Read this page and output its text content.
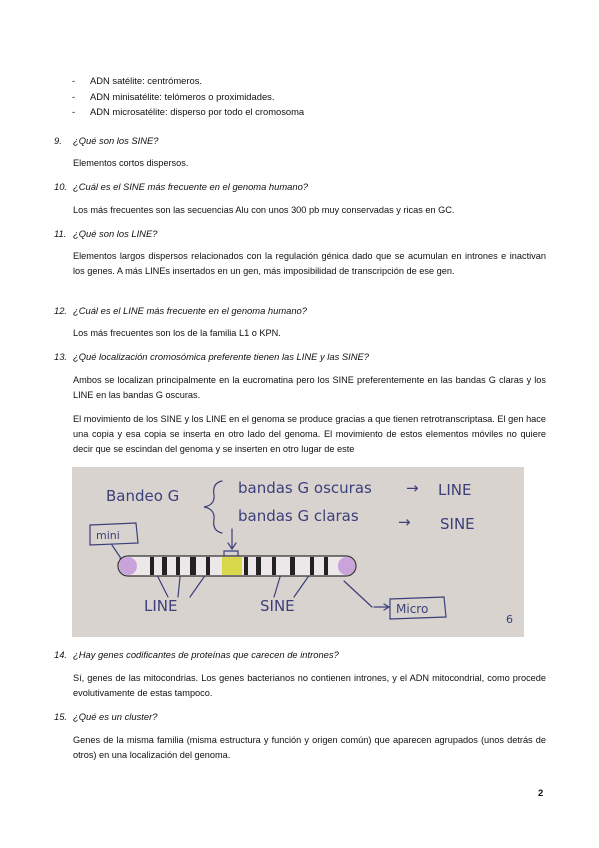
- ADN satélite: centrómeros.
- ADN minisatélite: telómeros o proximidades.
- ADN microsatélite: disperso por todo el cromosoma
9. ¿Qué son los SINE?
Elementos cortos dispersos.
10. ¿Cuál es el SINE más frecuente en el genoma humano?
Los más frecuentes son las secuencias Alu con unos 300 pb muy conservadas y ricas en GC.
11. ¿Qué son los LINE?
Elementos largos dispersos relacionados con la regulación génica dado que se acumulan en intrones e inactivan los genes. A más LINEs insertados en un gen, más imposibilidad de transcripción de ese gen.
12. ¿Cuál es el LINE más frecuente en el genoma humano?
Los más frecuentes son los de la familia L1 o KPN.
13. ¿Qué localización cromosómica preferente tienen las LINE y las SINE?
Ambos se localizan principalmente en la eucromatina pero los SINE preferentemente en las bandas G claras y los LINE en las bandas G oscuras.
El movimiento de los SINE y los LINE en el genoma se produce gracias a que tienen retrotranscriptasa. El gen hace una copia y esa copia se inserta en otro lado del genoma. El movimiento de estos elementos móviles no quiere decir que se escindan del genoma y se inserten en otro lugar de este
Bandeo G	bandas G oscuras → LINE
bandas G claras	→ SINE
mini
LINE	SINE	Micro
6
14. ¿Hay genes codificantes de proteínas que carecen de intrones?
Sí, genes de las mitocondrias. Los genes bacterianos no contienen intrones, y el ADN mitocondrial, como procede evolutivamente de estas tampoco.
15. ¿Qué es un cluster?
Genes de la misma familia (misma estructura y función y origen común) que aparecen agrupados (unos detrás de otros) en una localización del genoma.
2
